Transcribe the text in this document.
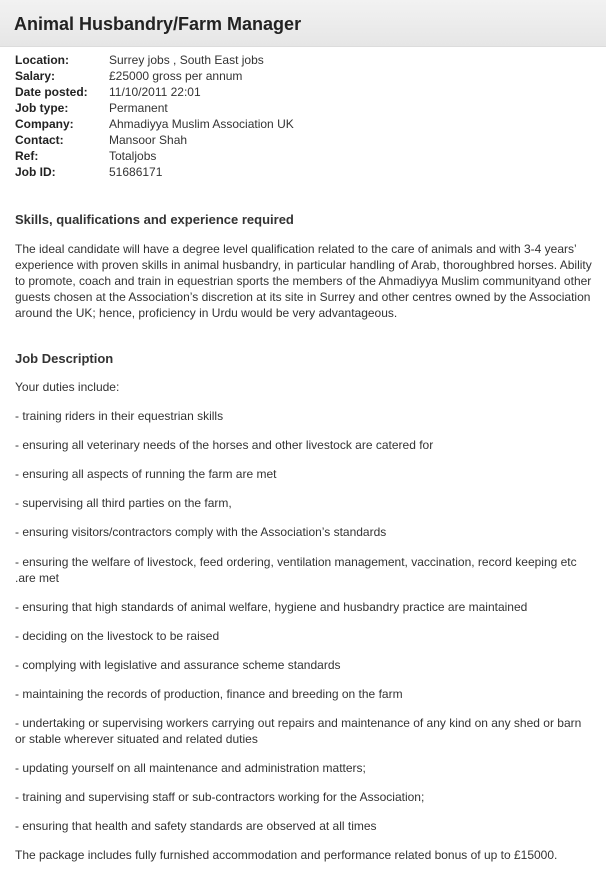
Animal Husbandry/Farm Manager
Location:	Surrey jobs , South East jobs
Salary:	£25000 gross per annum
Date posted:	11/10/2011 22:01
Job type:	Permanent
Company:	Ahmadiyya Muslim Association UK
Contact:	Mansoor Shah
Ref:	Totaljobs
Job ID:	51686171
Skills, qualifications and experience required

The ideal candidate will have a degree level qualification related to the care of animals and with 3-4 years’ experience with proven skills in animal husbandry, in particular handling of Arab, thoroughbred horses. Ability to promote, coach and train in equestrian sports the members of the Ahmadiyya Muslim communityand other guests chosen at the Association’s discretion at its site in Surrey and other centres owned by the Association around the UK; hence, proficiency in Urdu would be very advantageous.

Job Description

Your duties include:

- training riders in their equestrian skills

- ensuring all veterinary needs of the horses and other livestock are catered for

- ensuring all aspects of running the farm are met

- supervising all third parties on the farm,

- ensuring visitors/contractors comply with the Association’s standards

- ensuring the welfare of livestock, feed ordering, ventilation management, vaccination, record keeping etc .are met

- ensuring that high standards of animal welfare, hygiene and husbandry practice are maintained

- deciding on the livestock to be raised

- complying with legislative and assurance scheme standards

- maintaining the records of production, finance and breeding on the farm

- undertaking or supervising workers carrying out repairs and maintenance of any kind on any shed or barn or stable wherever situated and related duties

- updating yourself on all maintenance and administration matters;

- training and supervising staff or sub-contractors working for the Association;

- ensuring that health and safety standards are observed at all times

The package includes fully furnished accommodation and performance related bonus of up to £15000.
